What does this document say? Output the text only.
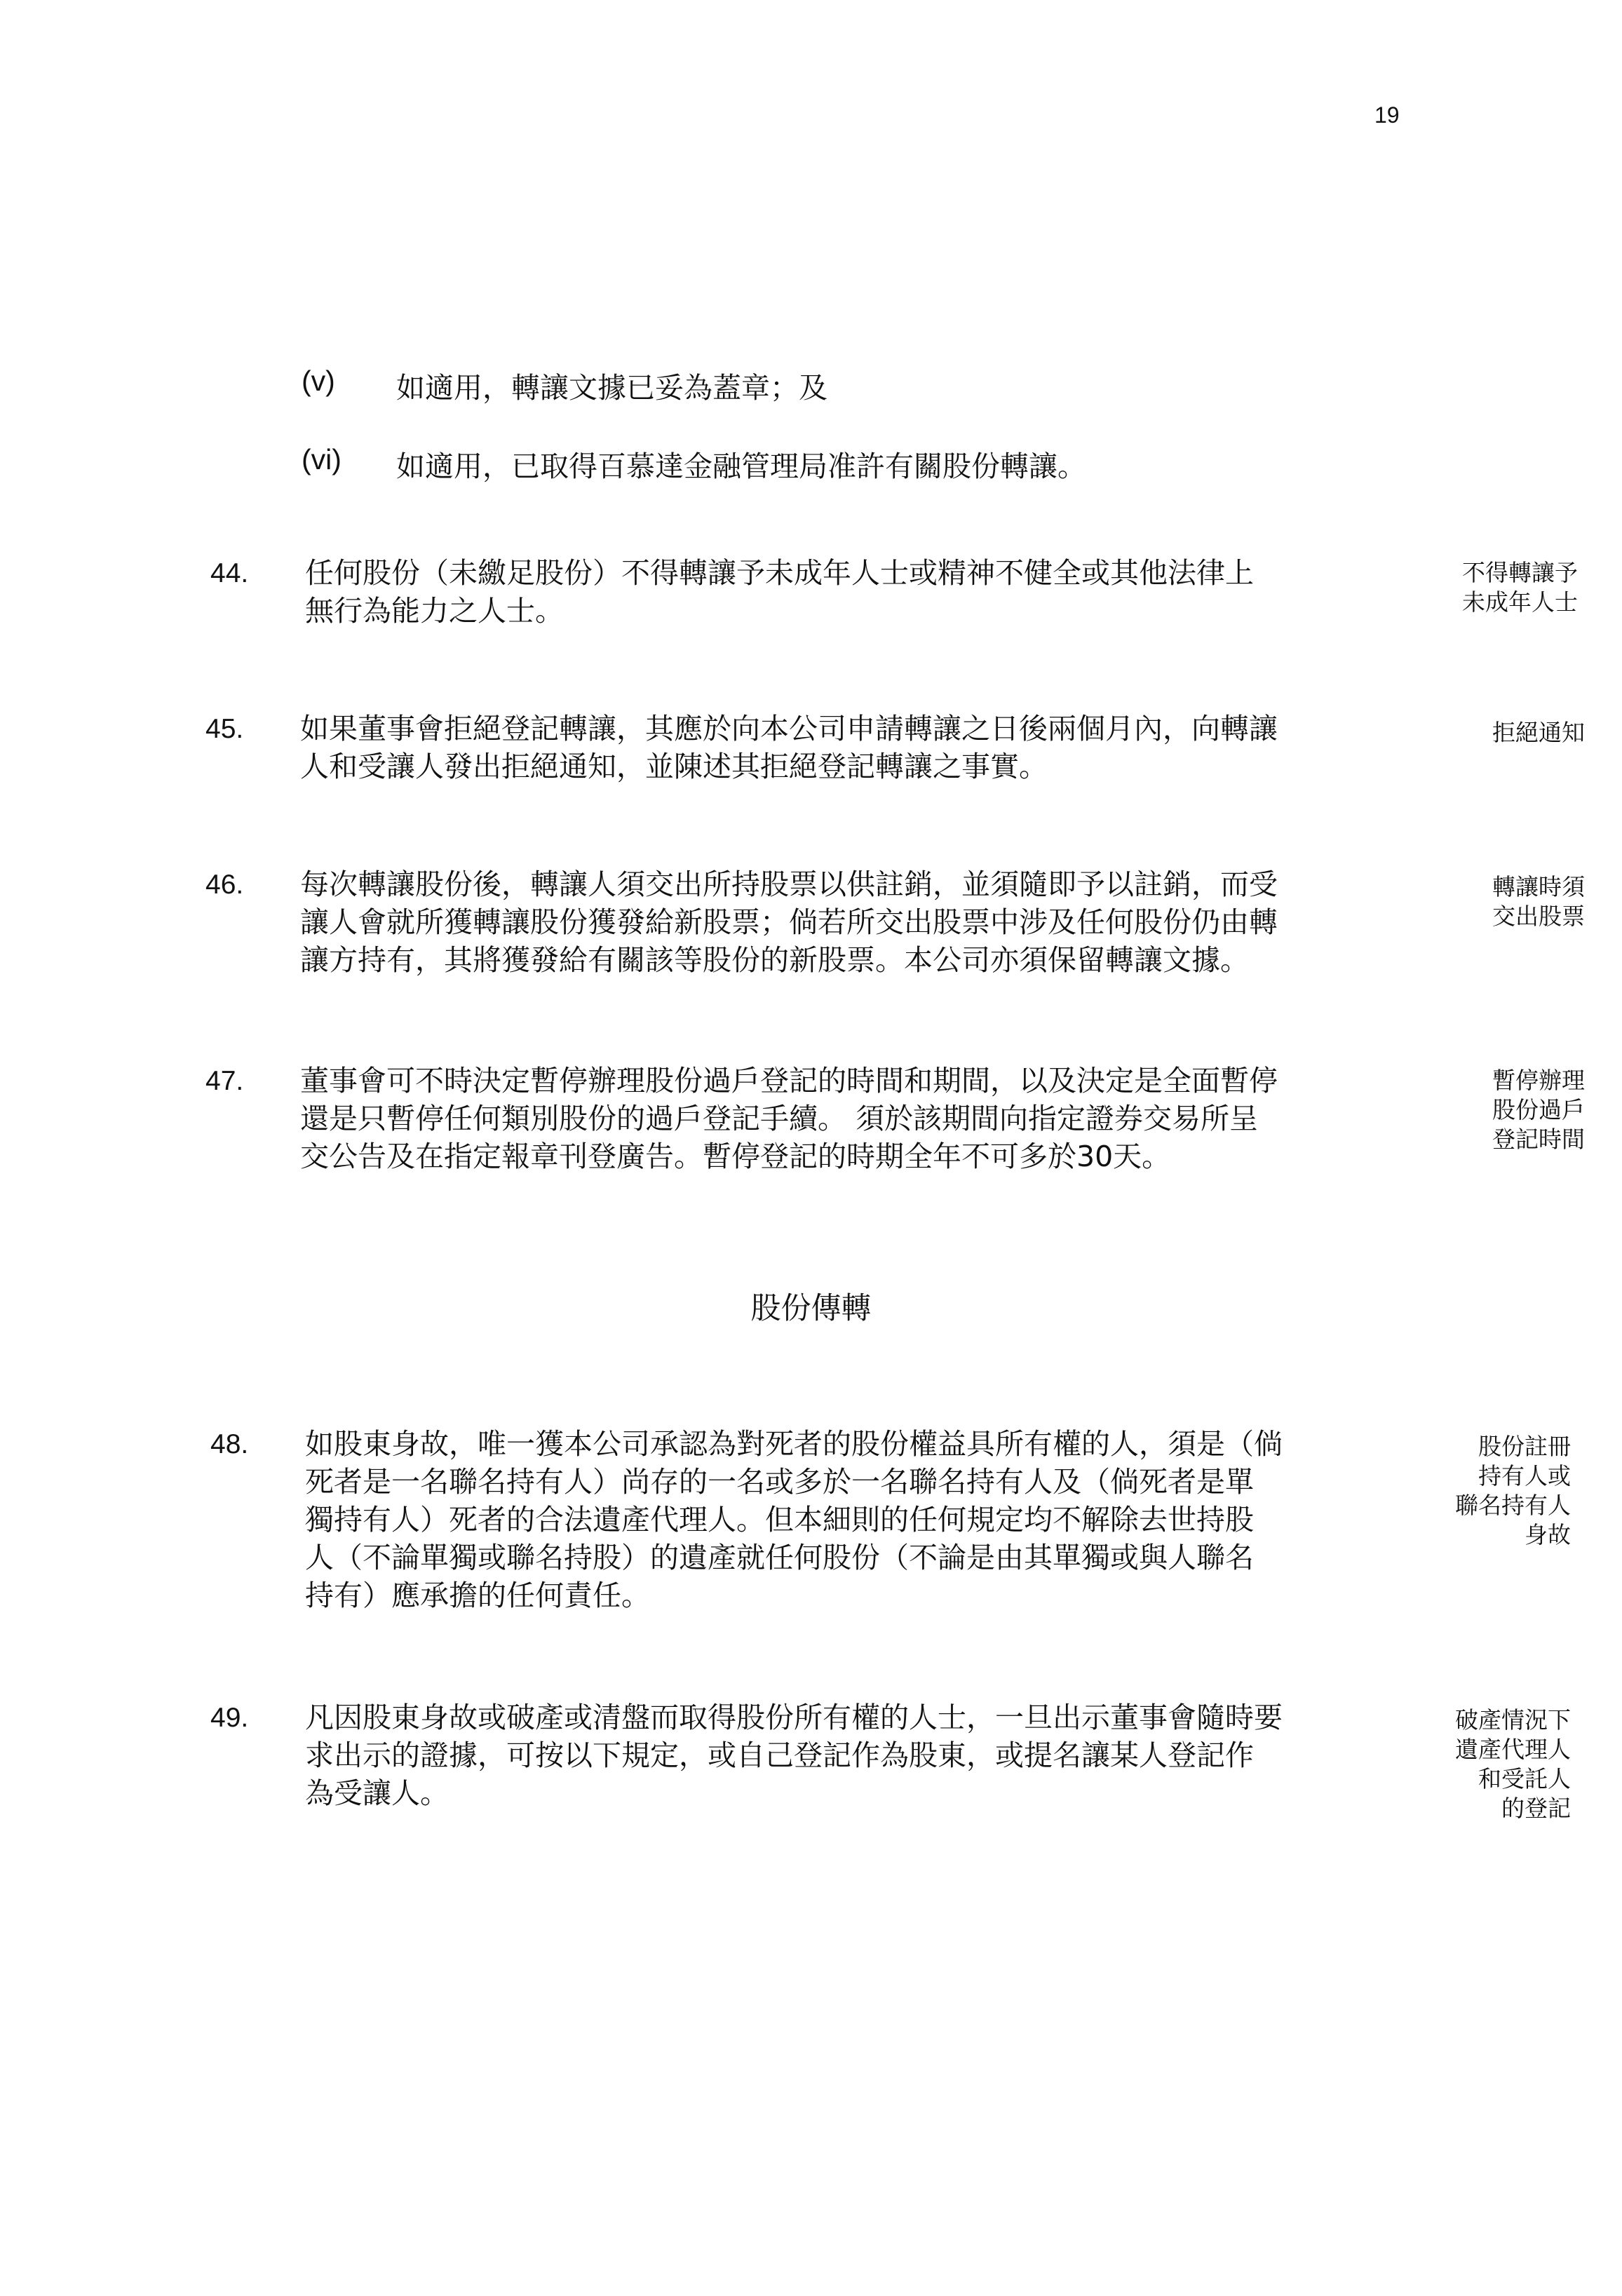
19
(v) 如適用，轉讓文據已妥為蓋章；及
(vi) 如適用，已取得百慕達金融管理局准許有關股份轉讓。
44. 任何股份（未繳足股份）不得轉讓予未成年人士或精神不健全或其他法律上
無行為能力之人士。
不得轉讓予
未成年人士
45. 如果董事會拒絕登記轉讓，其應於向本公司申請轉讓之日後兩個月內，向轉讓
人和受讓人發出拒絕通知，並陳述其拒絕登記轉讓之事實。
拒絕通知
46. 每次轉讓股份後，轉讓人須交出所持股票以供註銷，並須隨即予以註銷，而受
讓人會就所獲轉讓股份獲發給新股票；倘若所交出股票中涉及任何股份仍由轉
讓方持有，其將獲發給有關該等股份的新股票。本公司亦須保留轉讓文據。
轉讓時須
交出股票
47. 董事會可不時決定暫停辦理股份過戶登記的時間和期間，以及決定是全面暫停
還是只暫停任何類別股份的過戶登記手續。 須於該期間向指定證券交易所呈
交公告及在指定報章刊登廣告。暫停登記的時期全年不可多於30天。
暫停辦理
股份過戶
登記時間
股份傳轉
48. 如股東身故，唯一獲本公司承認為對死者的股份權益具所有權的人，須是（倘
死者是一名聯名持有人）尚存的一名或多於一名聯名持有人及（倘死者是單
獨持有人）死者的合法遺產代理人。但本細則的任何規定均不解除去世持股
人（不論單獨或聯名持股）的遺產就任何股份（不論是由其單獨或與人聯名
持有）應承擔的任何責任。
股份註冊
持有人或
聯名持有人
身故
49. 凡因股東身故或破產或清盤而取得股份所有權的人士，一旦出示董事會隨時要
求出示的證據，可按以下規定，或自己登記作為股東，或提名讓某人登記作
為受讓人。
破產情況下
遺產代理人
和受託人
的登記
